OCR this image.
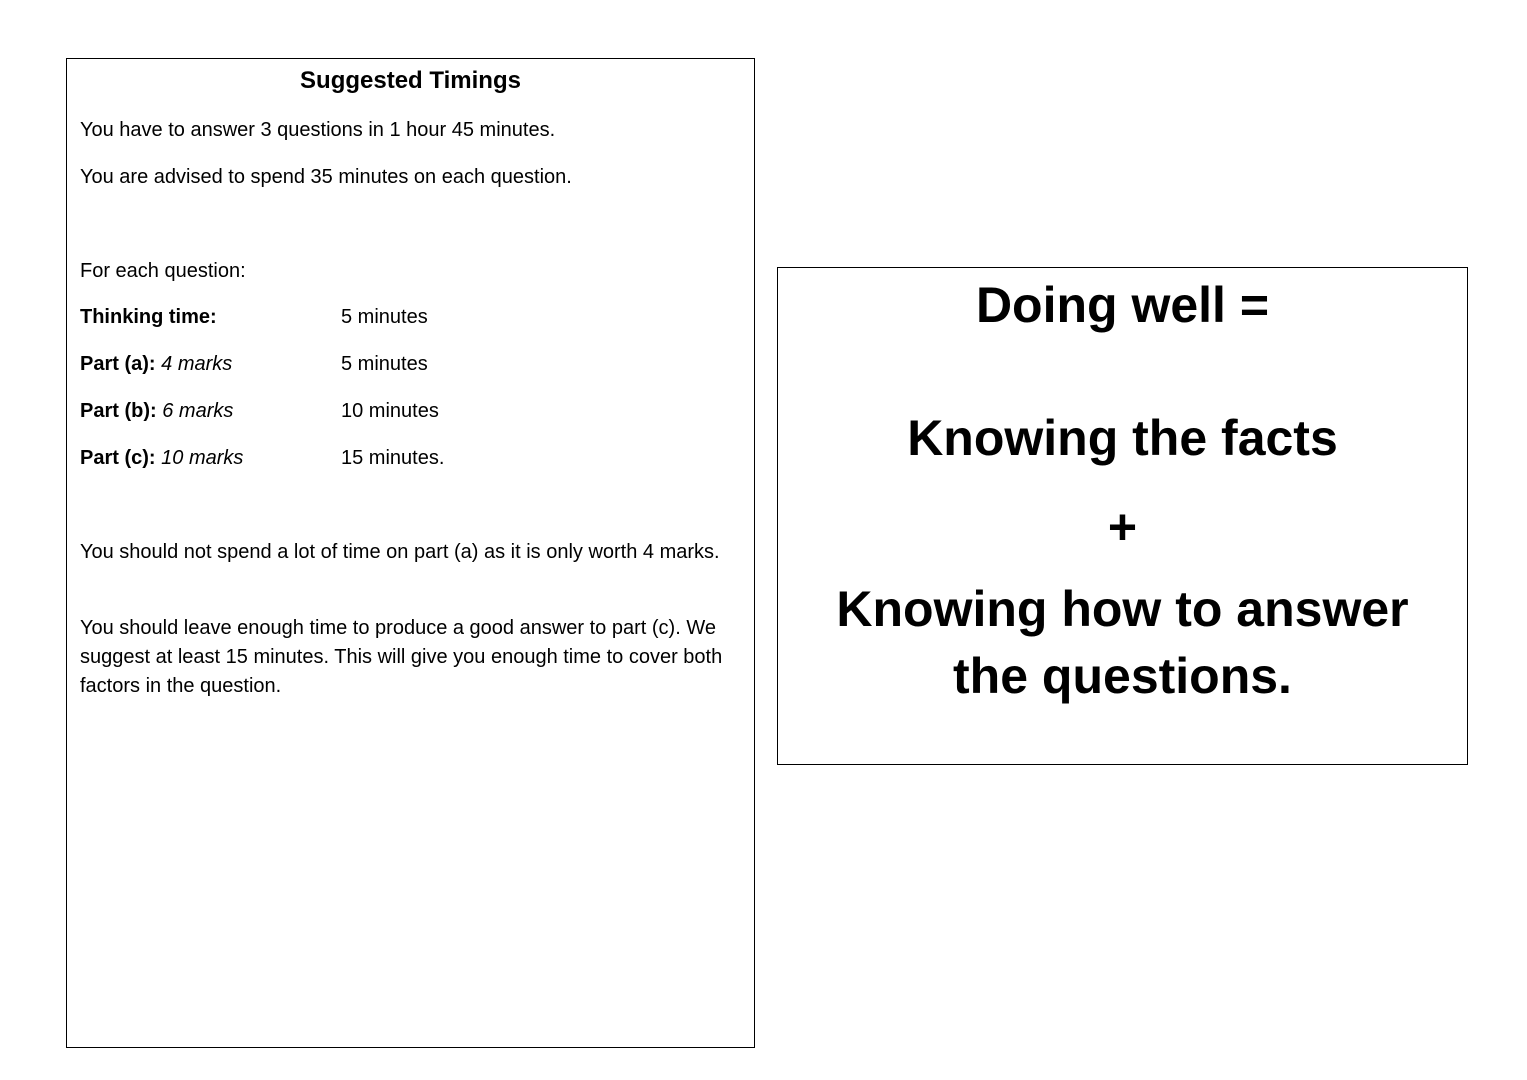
Suggested Timings
You have to answer 3 questions in 1 hour 45 minutes.
You are advised to spend 35 minutes on each question.
For each question:
Thinking time:	5 minutes
Part (a): 4 marks	5 minutes
Part (b): 6 marks	10 minutes
Part (c): 10 marks	15 minutes.
You should not spend a lot of time on part (a) as it is only worth 4 marks.
You should leave enough time to produce a good answer to part (c). We suggest at least 15 minutes. This will give you enough time to cover both factors in the question.
Doing well =
Knowing the facts
+
Knowing how to answer
the questions.
